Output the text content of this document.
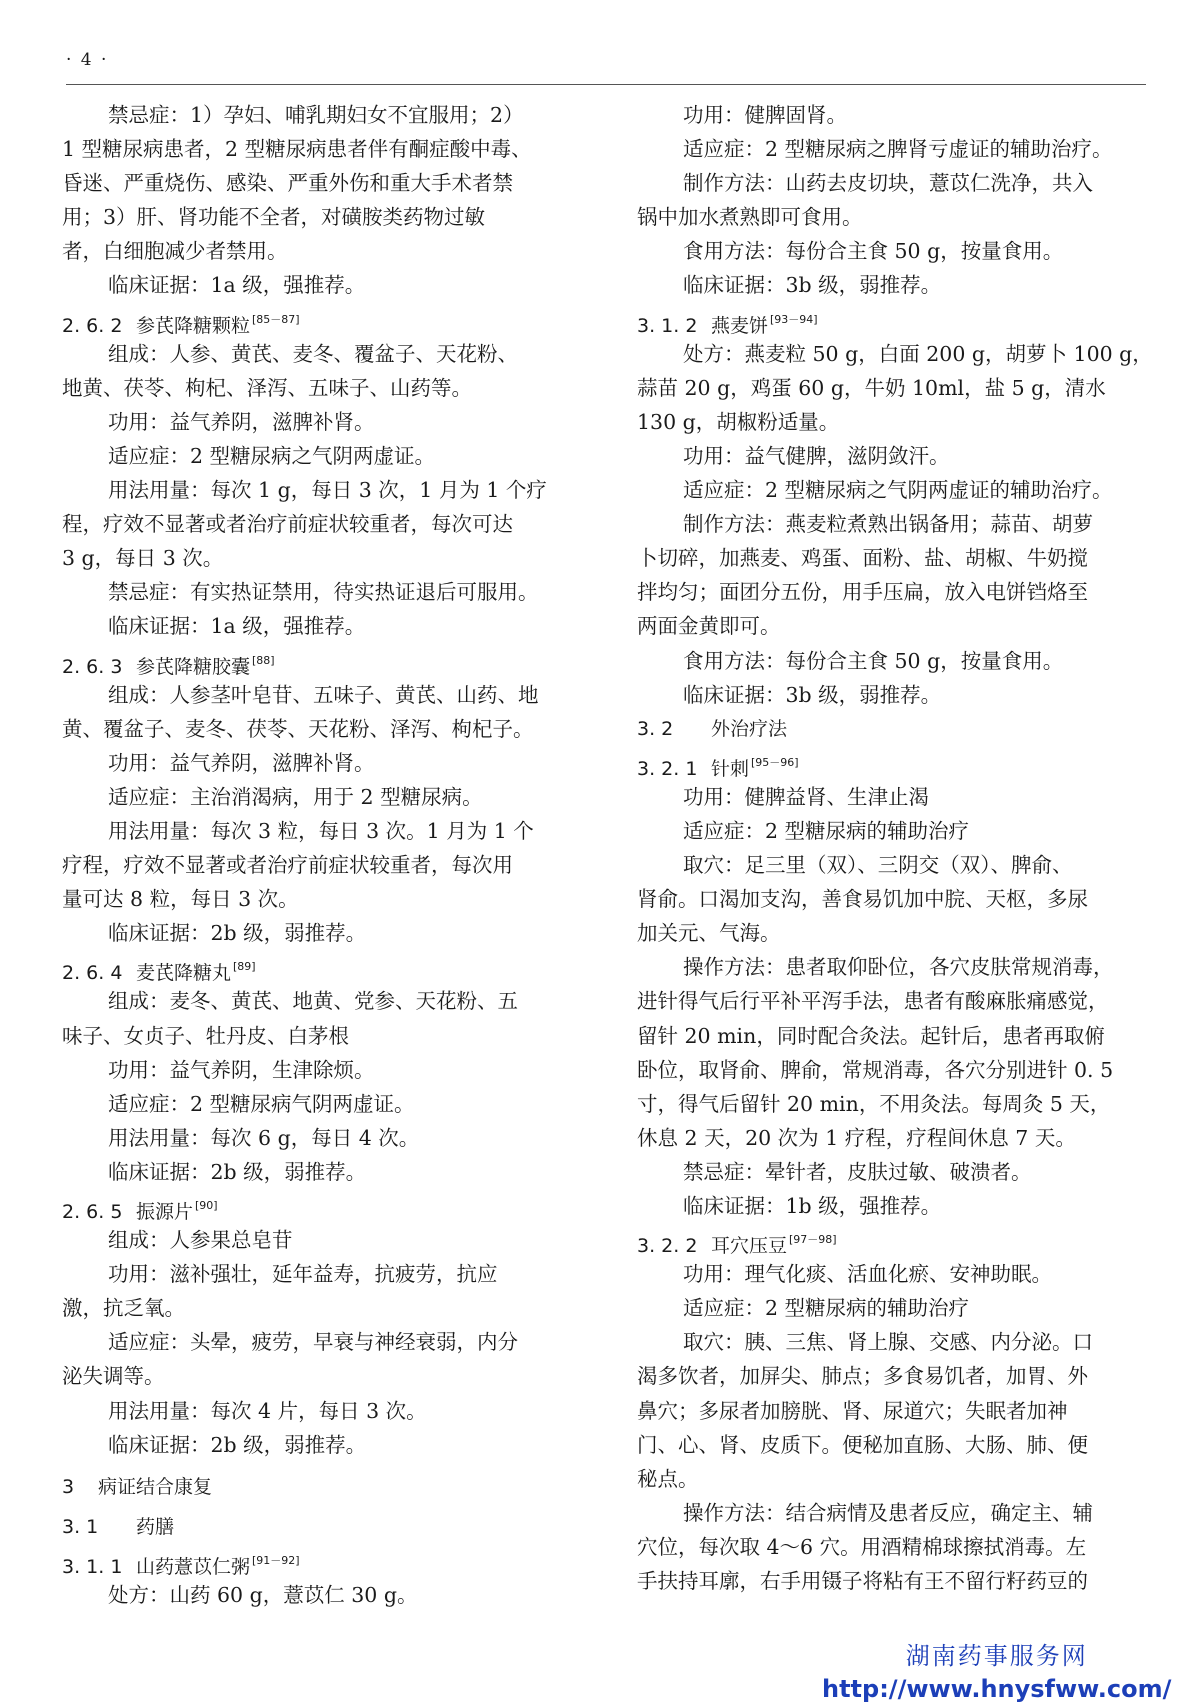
· 4 ·
禁忌症：1）孕妇、哺乳期妇女不宜服用；2）
1 型糖尿病患者，2 型糖尿病患者伴有酮症酸中毒、
昏迷、严重烧伤、感染、严重外伤和重大手术者禁
用；3）肝、肾功能不全者，对磺胺类药物过敏
者，白细胞减少者禁用。
临床证据：1a 级，强推荐。
2. 6. 2 参芪降糖颗粒 [85－87]
组成：人参、黄芪、麦冬、覆盆子、天花粉、
地黄、茯苓、枸杞、泽泻、五味子、山药等。
功用：益气养阴，滋脾补肾。
适应症：2 型糖尿病之气阴两虚证。
用法用量：每次 1 g，每日 3 次，1 月为 1 个疗
程，疗效不显著或者治疗前症状较重者，每次可达
3 g，每日 3 次。
禁忌症：有实热证禁用，待实热证退后可服用。
临床证据：1a 级，强推荐。
2. 6. 3 参芪降糖胶囊 [88]
组成：人参茎叶皂苷、五味子、黄芪、山药、地
黄、覆盆子、麦冬、茯苓、天花粉、泽泻、枸杞子。
功用：益气养阴，滋脾补肾。
适应症：主治消渴病，用于 2 型糖尿病。
用法用量：每次 3 粒，每日 3 次。1 月为 1 个
疗程，疗效不显著或者治疗前症状较重者，每次用
量可达 8 粒，每日 3 次。
临床证据：2b 级，弱推荐。
2. 6. 4 麦芪降糖丸 [89]
组成：麦冬、黄芪、地黄、党参、天花粉、五
味子、女贞子、牡丹皮、白茅根
功用：益气养阴，生津除烦。
适应症：2 型糖尿病气阴两虚证。
用法用量：每次 6 g，每日 4 次。
临床证据：2b 级，弱推荐。
2. 6. 5 振源片 [90]
组成：人参果总皂苷
功用：滋补强壮，延年益寿，抗疲劳，抗应
激，抗乏氧。
适应症：头晕，疲劳，早衰与神经衰弱，内分
泌失调等。
用法用量：每次 4 片，每日 3 次。
临床证据：2b 级，弱推荐。
3 病证结合康复
3. 1 药膳
3. 1. 1 山药薏苡仁粥 [91－92]
处方：山药 60 g，薏苡仁 30 g。
功用：健脾固肾。
适应症：2 型糖尿病之脾肾亏虚证的辅助治疗。
制作方法：山药去皮切块，薏苡仁洗净，共入
锅中加水煮熟即可食用。
食用方法：每份合主食 50 g，按量食用。
临床证据：3b 级，弱推荐。
3. 1. 2 燕麦饼 [93－94]
处方：燕麦粒 50 g，白面 200 g，胡萝卜 100 g，
蒜苗 20 g，鸡蛋 60 g，牛奶 10ml，盐 5 g，清水
130 g，胡椒粉适量。
功用：益气健脾，滋阴敛汗。
适应症：2 型糖尿病之气阴两虚证的辅助治疗。
制作方法：燕麦粒煮熟出锅备用；蒜苗、胡萝
卜切碎，加燕麦、鸡蛋、面粉、盐、胡椒、牛奶搅
拌均匀；面团分五份，用手压扁，放入电饼铛烙至
两面金黄即可。
食用方法：每份合主食 50 g，按量食用。
临床证据：3b 级，弱推荐。
3. 2 外治疗法
3. 2. 1 针刺 [95－96]
功用：健脾益肾、生津止渴
适应症：2 型糖尿病的辅助治疗
取穴：足三里（双）、三阴交（双）、脾俞、
肾俞。口渴加支沟，善食易饥加中脘、天枢，多尿
加关元、气海。
操作方法：患者取仰卧位，各穴皮肤常规消毒，
进针得气后行平补平泻手法，患者有酸麻胀痛感觉，
留针 20 min，同时配合灸法。起针后，患者再取俯
卧位，取肾俞、脾俞，常规消毒，各穴分别进针 0. 5
寸，得气后留针 20 min，不用灸法。每周灸 5 天，
休息 2 天，20 次为 1 疗程，疗程间休息 7 天。
禁忌症：晕针者，皮肤过敏、破溃者。
临床证据：1b 级，强推荐。
3. 2. 2 耳穴压豆 [97－98]
功用：理气化痰、活血化瘀、安神助眠。
适应症：2 型糖尿病的辅助治疗
取穴：胰、三焦、肾上腺、交感、内分泌。口
渴多饮者，加屏尖、肺点；多食易饥者，加胃、外
鼻穴；多尿者加膀胱、肾、尿道穴；失眠者加神
门、心、肾、皮质下。便秘加直肠、大肠、肺、便
秘点。
操作方法：结合病情及患者反应，确定主、辅
穴位，每次取 4～6 穴。用酒精棉球擦拭消毒。左
手扶持耳廓，右手用镊子将粘有王不留行籽药豆的
湖南药事服务网
http://www.hnysfww.com/
